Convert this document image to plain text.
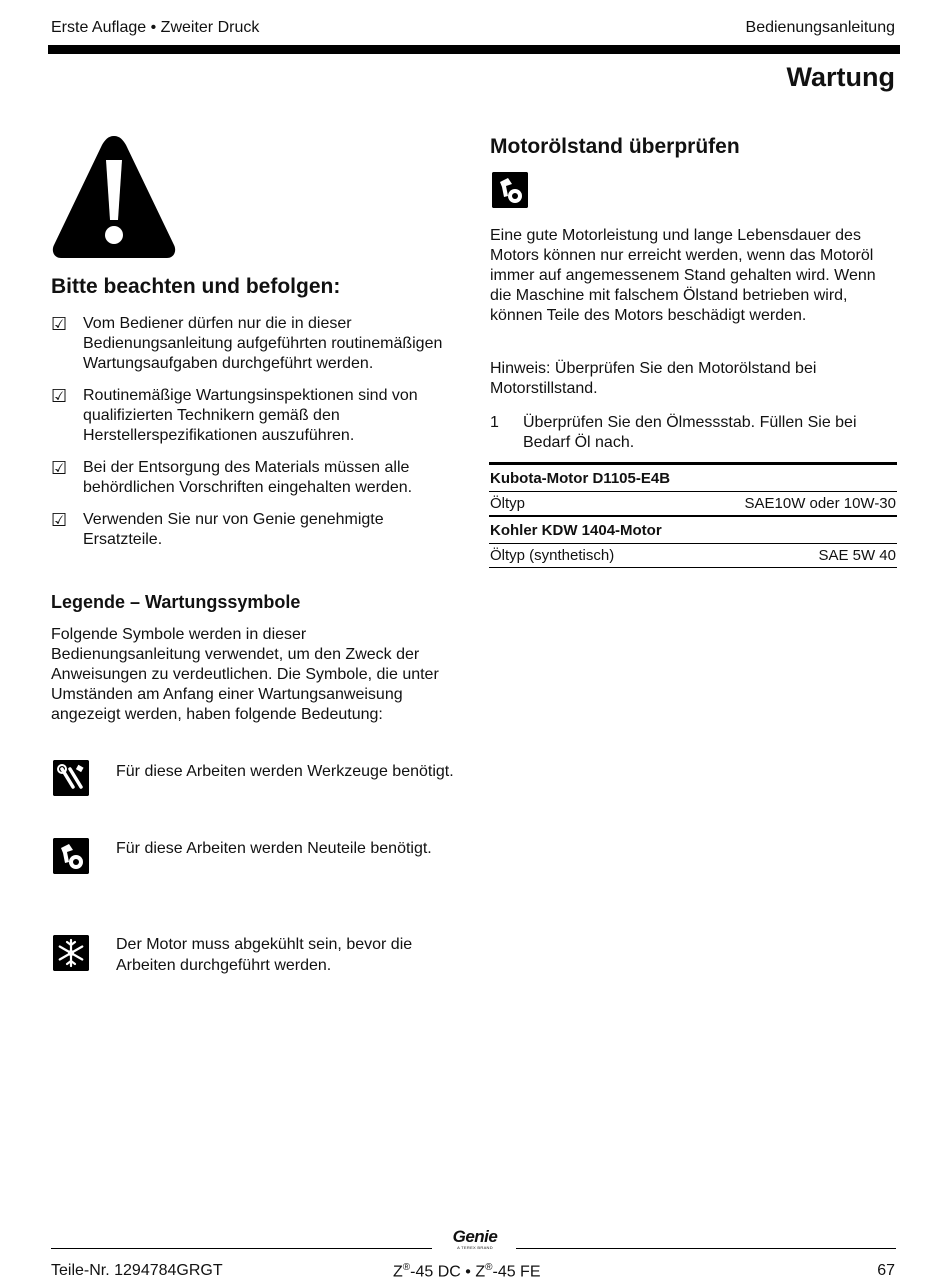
Erste Auflage • Zweiter Druck	Bedienungsanleitung
Wartung
Bitte beachten und befolgen:
☑ Vom Bediener dürfen nur die in dieser Bedienungsanleitung aufgeführten routinemäßigen Wartungsaufgaben durchgeführt werden.
☑ Routinemäßige Wartungsinspektionen sind von qualifizierten Technikern gemäß den Herstellerspezifikationen auszuführen.
☑ Bei der Entsorgung des Materials müssen alle behördlichen Vorschriften eingehalten werden.
☑ Verwenden Sie nur von Genie genehmigte Ersatzteile.
Legende – Wartungssymbole
Folgende Symbole werden in dieser Bedienungsanleitung verwendet, um den Zweck der Anweisungen zu verdeutlichen. Die Symbole, die unter Umständen am Anfang einer Wartungsanweisung angezeigt werden, haben folgende Bedeutung:
Für diese Arbeiten werden Werkzeuge benötigt.
Für diese Arbeiten werden Neuteile benötigt.
Der Motor muss abgekühlt sein, bevor die Arbeiten durchgeführt werden.
Motorölstand überprüfen
Eine gute Motorleistung und lange Lebensdauer des Motors können nur erreicht werden, wenn das Motoröl immer auf angemessenem Stand gehalten wird. Wenn die Maschine mit falschem Ölstand betrieben wird, können Teile des Motors beschädigt werden.
Hinweis: Überprüfen Sie den Motorölstand bei Motorstillstand.
1 Überprüfen Sie den Ölmessstab. Füllen Sie bei Bedarf Öl nach.
Kubota-Motor D1105-E4B	
Öltyp	SAE10W oder 10W-30
Kohler KDW 1404-Motor	
Öltyp (synthetisch)	SAE 5W 40
Genie
A TEREX BRAND
Teile-Nr. 1294784GRGT	Z®-45 DC • Z®-45 FE	67
